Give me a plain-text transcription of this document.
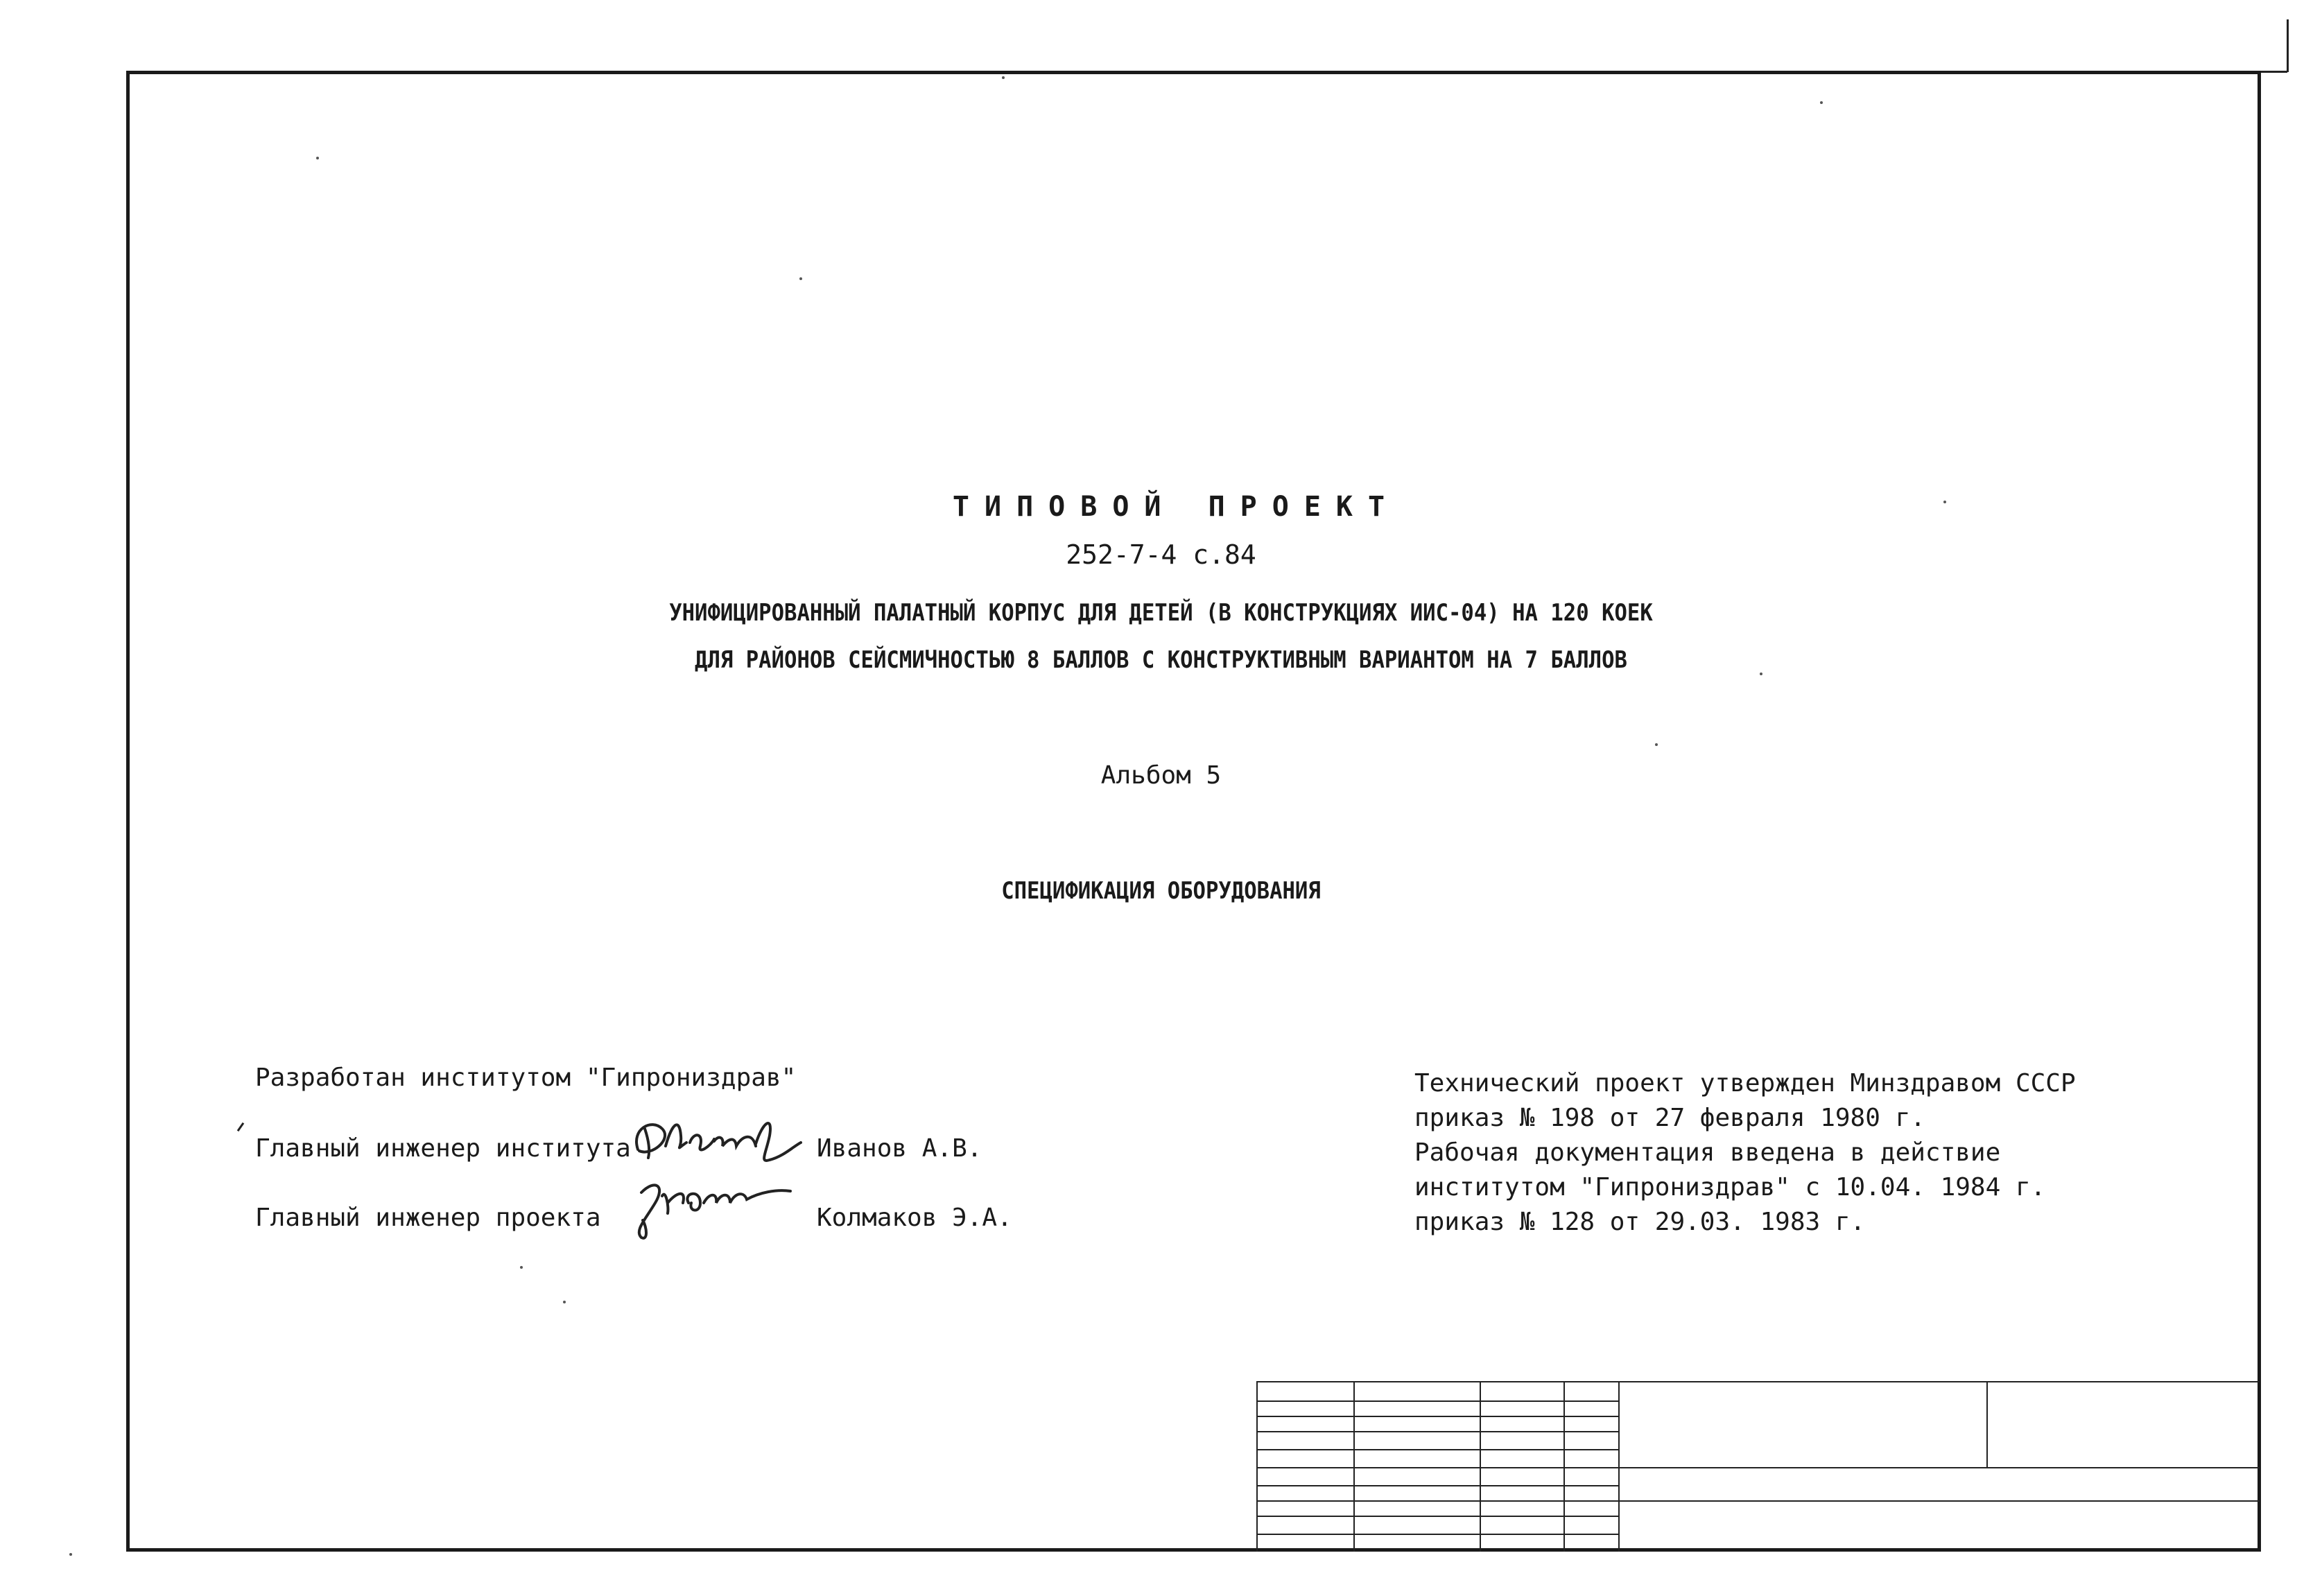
ТИПОВОЙ ПРОЕКТ
252-7-4 с.84
УНИФИЦИРОВАННЫЙ ПАЛАТНЫЙ КОРПУС ДЛЯ ДЕТЕЙ (В КОНСТРУКЦИЯХ ИИС-04) НА 120 КОЕК
ДЛЯ РАЙОНОВ СЕЙСМИЧНОСТЬЮ 8 БАЛЛОВ С КОНСТРУКТИВНЫМ ВАРИАНТОМ НА 7 БАЛЛОВ
Альбом 5
СПЕЦИФИКАЦИЯ ОБОРУДОВАНИЯ
Разработан институтом "Гипрониздрав"
Главный инженер института	Иванов А.В.
Главный инженер проекта	Колмаков Э.А.
Технический проект утвержден Минздравом СССР
приказ № 198 от 27 февраля 1980 г.
Рабочая документация введена в действие
институтом "Гипрониздрав" с 10.04. 1984 г.
приказ № 128 от 29.03. 1983 г.
